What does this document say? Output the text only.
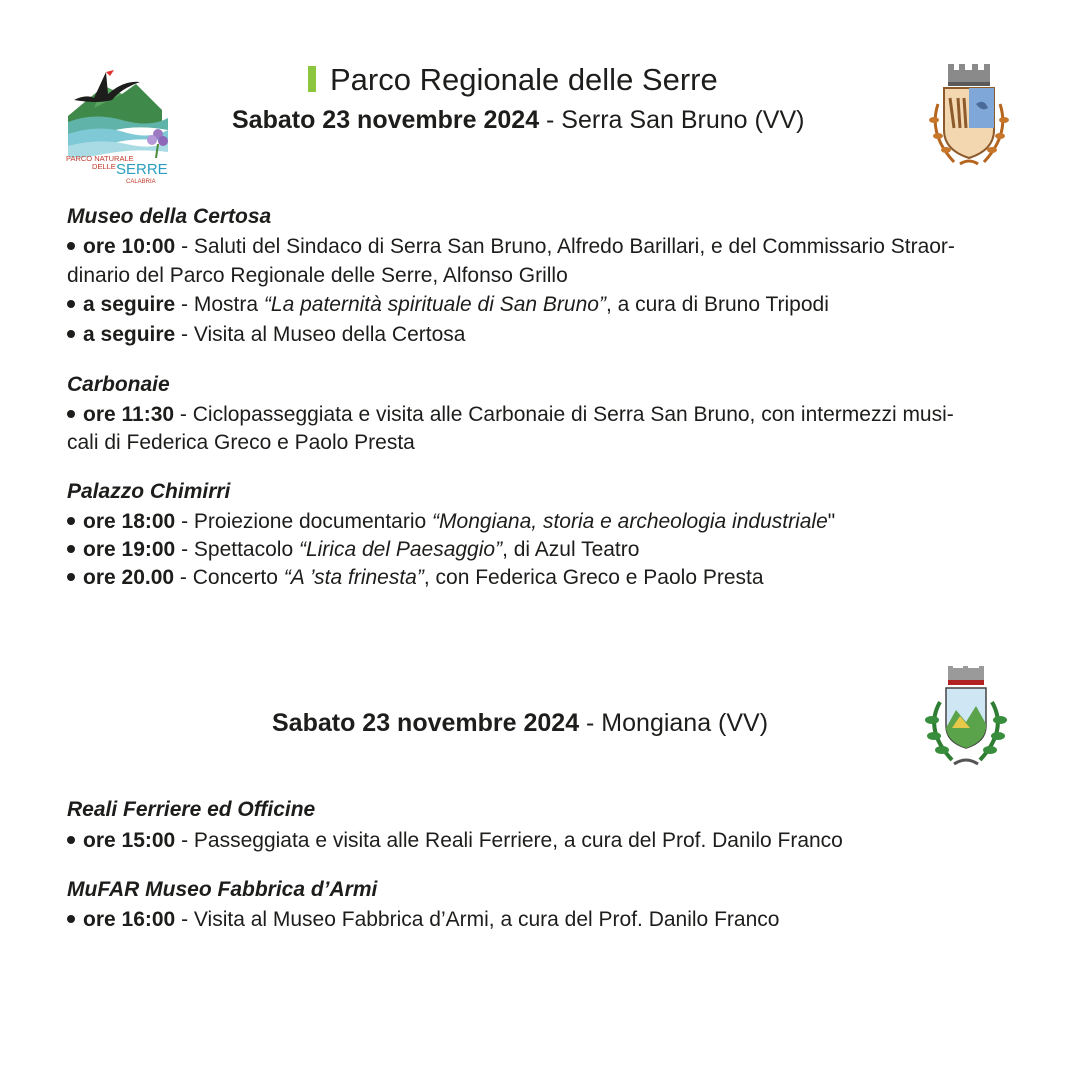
PARCO NATURALE
DELLE SERRE
CALABRIA
Parco Regionale delle Serre
Sabato 23 novembre 2024 - Serra San Bruno (VV)
Museo della Certosa
ore 10:00 - Saluti del Sindaco di Serra San Bruno, Alfredo Barillari, e del Commissario Straor-
dinario del Parco Regionale delle Serre, Alfonso Grillo
a seguire - Mostra “La paternità spirituale di San Bruno”, a cura di Bruno Tripodi
a seguire - Visita al Museo della Certosa
Carbonaie
ore 11:30 - Ciclopasseggiata e visita alle Carbonaie di Serra San Bruno, con intermezzi musi-
cali di Federica Greco e Paolo Presta
Palazzo Chimirri
ore 18:00 - Proiezione documentario “Mongiana, storia e archeologia industriale"
ore 19:00 - Spettacolo “Lirica del Paesaggio”, di Azul Teatro
ore 20.00 - Concerto “A ’sta frinesta”, con Federica Greco e Paolo Presta
Sabato 23 novembre 2024 - Mongiana (VV)
Reali Ferriere ed Officine
ore 15:00 - Passeggiata e visita alle Reali Ferriere, a cura del Prof. Danilo Franco
MuFAR Museo Fabbrica d’Armi
ore 16:00 - Visita al Museo Fabbrica d’Armi, a cura del Prof. Danilo Franco
